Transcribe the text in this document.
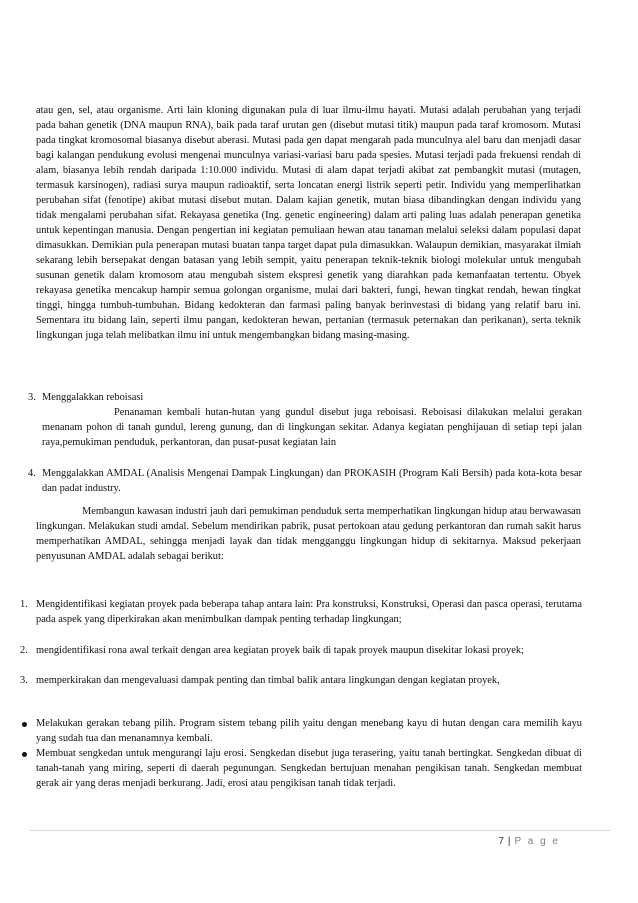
atau gen, sel, atau organisme. Arti lain kloning digunakan pula di luar ilmu-ilmu hayati. Mutasi adalah perubahan yang terjadi pada bahan genetik (DNA maupun RNA), baik pada taraf urutan gen (disebut mutasi titik) maupun pada taraf kromosom. Mutasi pada tingkat kromosomal biasanya disebut aberasi. Mutasi pada gen dapat mengarah pada munculnya alel baru dan menjadi dasar bagi kalangan pendukung evolusi mengenai munculnya variasi-variasi baru pada spesies. Mutasi terjadi pada frekuensi rendah di alam, biasanya lebih rendah daripada 1:10.000 individu. Mutasi di alam dapat terjadi akibat zat pembangkit mutasi (mutagen, termasuk karsinogen), radiasi surya maupun radioaktif, serta loncatan energi listrik seperti petir. Individu yang memperlihatkan perubahan sifat (fenotipe) akibat mutasi disebut mutan. Dalam kajian genetik, mutan biasa dibandingkan dengan individu yang tidak mengalami perubahan sifat. Rekayasa genetika (Ing. genetic engineering) dalam arti paling luas adalah penerapan genetika untuk kepentingan manusia. Dengan pengertian ini kegiatan pemuliaan hewan atau tanaman melalui seleksi dalam populasi dapat dimasukkan. Demikian pula penerapan mutasi buatan tanpa target dapat pula dimasukkan. Walaupun demikian, masyarakat ilmiah sekarang lebih bersepakat dengan batasan yang lebih sempit, yaitu penerapan teknik-teknik biologi molekular untuk mengubah susunan genetik dalam kromosom atau mengubah sistem ekspresi genetik yang diarahkan pada kemanfaatan tertentu. Obyek rekayasa genetika mencakup hampir semua golongan organisme, mulai dari bakteri, fungi, hewan tingkat rendah, hewan tingkat tinggi, hingga tumbuh-tumbuhan. Bidang kedokteran dan farmasi paling banyak berinvestasi di bidang yang relatif baru ini. Sementara itu bidang lain, seperti ilmu pangan, kedokteran hewan, pertanian (termasuk peternakan dan perikanan), serta teknik lingkungan juga telah melibatkan ilmu ini untuk mengembangkan bidang masing-masing.
3. Menggalakkan reboisasi
Penanaman kembali hutan-hutan yang gundul disebut juga reboisasi. Reboisasi dilakukan melalui gerakan menanam pohon di tanah gundul, lereng gunung, dan di lingkungan sekitar. Adanya kegiatan penghijauan di setiap tepi jalan raya,pemukiman penduduk, perkantoran, dan pusat-pusat kegiatan lain
4. Menggalakkan AMDAL (Analisis Mengenai Dampak Lingkungan) dan PROKASIH (Program Kali Bersih) pada kota-kota besar dan padat industry.
Membangun kawasan industri jauh dari pemukiman penduduk serta memperhatikan lingkungan hidup atau berwawasan lingkungan. Melakukan studi amdal. Sebelum mendirikan pabrik, pusat pertokoan atau gedung perkantoran dan rumah sakit harus memperhatikan AMDAL, sehingga menjadi layak dan tidak mengganggu lingkungan hidup di sekitarnya. Maksud pekerjaan penyusunan AMDAL adalah sebagai berikut:
1. Mengidentifikasi kegiatan proyek pada beberapa tahap antara lain: Pra konstruksi, Konstruksi, Operasi dan pasca operasi, terutama pada aspek yang diperkirakan akan menimbulkan dampak penting terhadap lingkungan;
2. mengidentifikasi rona awal terkait dengan area kegiatan proyek baik di tapak proyek maupun disekitar lokasi proyek;
3. memperkirakan dan mengevaluasi dampak penting dan timbal balik antara lingkungan dengan kegiatan proyek,
Melakukan gerakan tebang pilih. Program sistem tebang pilih yaitu dengan menebang kayu di hutan dengan cara memilih kayu yang sudah tua dan menanamnya kembali.
Membuat sengkedan untuk mengurangi laju erosi. Sengkedan disebut juga terasering, yaitu tanah bertingkat. Sengkedan dibuat di tanah-tanah yang miring, seperti di daerah pegunungan. Sengkedan bertujuan menahan pengikisan tanah. Sengkedan membuat gerak air yang deras menjadi berkurang. Jadi, erosi atau pengikisan tanah tidak terjadi.
7 | P a g e
